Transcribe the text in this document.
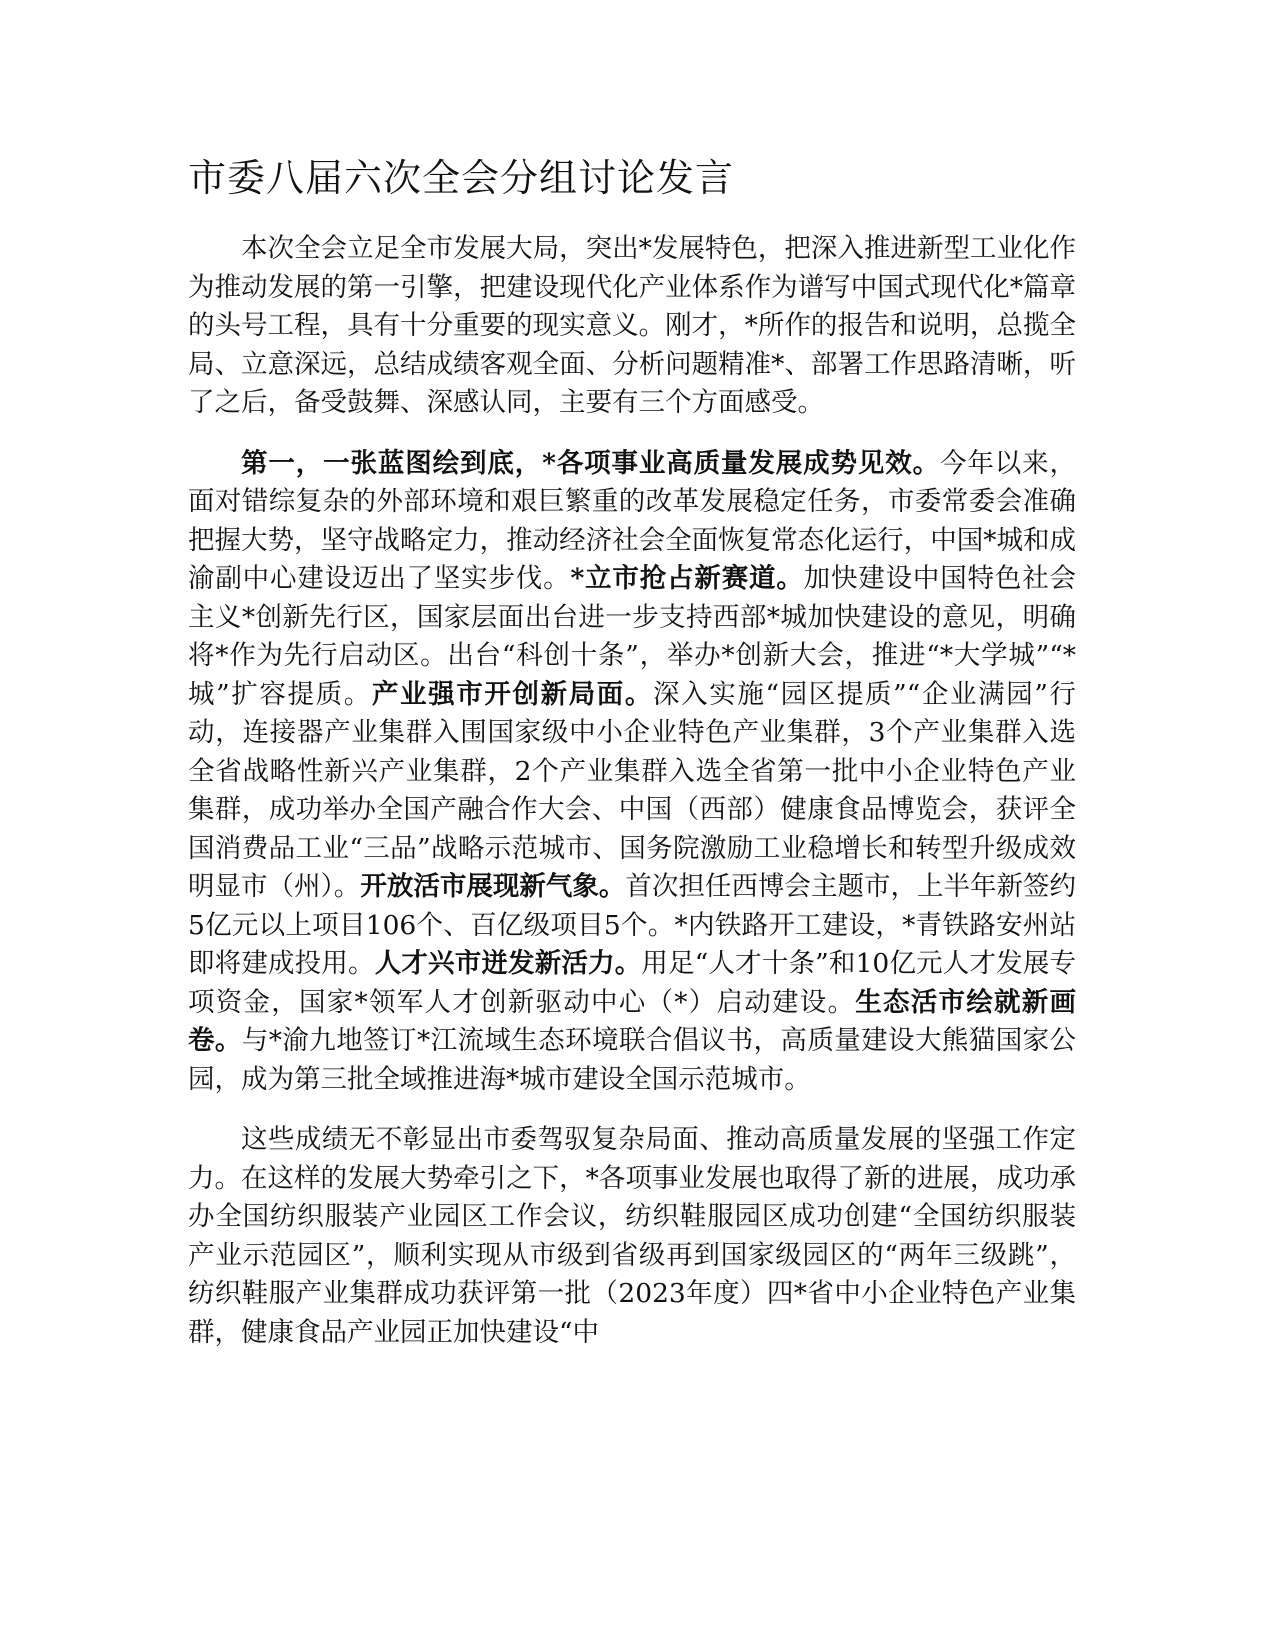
市委八届六次全会分组讨论发言

本次全会立足全市发展大局，突出*发展特色，把深入推进新型工业化作为推动发展的第一引擎，把建设现代化产业体系作为谱写中国式现代化*篇章的头号工程，具有十分重要的现实意义。刚才，*所作的报告和说明，总揽全局、立意深远，总结成绩客观全面、分析问题精准*、部署工作思路清晰，听了之后，备受鼓舞、深感认同，主要有三个方面感受。

第一，一张蓝图绘到底，*各项事业高质量发展成势见效。今年以来，面对错综复杂的外部环境和艰巨繁重的改革发展稳定任务，市委常委会准确把握大势，坚守战略定力，推动经济社会全面恢复常态化运行，中国*城和成渝副中心建设迈出了坚实步伐。*立市抢占新赛道。加快建设中国特色社会主义*创新先行区，国家层面出台进一步支持西部*城加快建设的意见，明确将*作为先行启动区。出台“科创十条”，举办*创新大会，推进“*大学城”“*城”扩容提质。产业强市开创新局面。深入实施“园区提质”“企业满园”行动，连接器产业集群入围国家级中小企业特色产业集群，3个产业集群入选全省战略性新兴产业集群，2个产业集群入选全省第一批中小企业特色产业集群，成功举办全国产融合作大会、中国（西部）健康食品博览会，获评全国消费品工业“三品”战略示范城市、国务院激励工业稳增长和转型升级成效明显市（州）。开放活市展现新气象。首次担任西博会主题市，上半年新签约5亿元以上项目106个、百亿级项目5个。*内铁路开工建设，*青铁路安州站即将建成投用。人才兴市迸发新活力。用足“人才十条”和10亿元人才发展专项资金，国家*领军人才创新驱动中心（*）启动建设。生态活市绘就新画卷。与*渝九地签订*江流域生态环境联合倡议书，高质量建设大熊猫国家公园，成为第三批全域推进海*城市建设全国示范城市。

这些成绩无不彰显出市委驾驭复杂局面、推动高质量发展的坚强工作定力。在这样的发展大势牵引之下，*各项事业发展也取得了新的进展，成功承办全国纺织服装产业园区工作会议，纺织鞋服园区成功创建“全国纺织服装产业示范园区”，顺利实现从市级到省级再到国家级园区的“两年三级跳”，纺织鞋服产业集群成功获评第一批（2023年度）四*省中小企业特色产业集群，健康食品产业园正加快建设“中
